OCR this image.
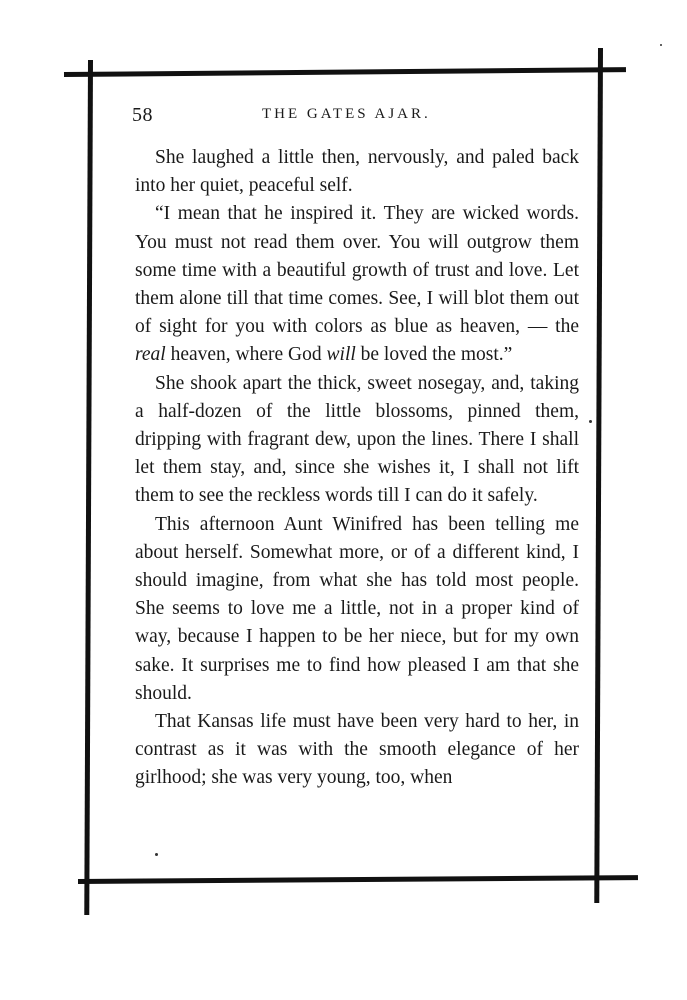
58	THE GATES AJAR.

She laughed a little then, nervously, and paled back into her quiet, peaceful self.

“I mean that he inspired it. They are wicked words. You must not read them over. You will outgrow them some time with a beautiful growth of trust and love. Let them alone till that time comes. See, I will blot them out of sight for you with colors as blue as heaven, — the real heaven, where God will be loved the most.”

She shook apart the thick, sweet nosegay, and, taking a half-dozen of the little blossoms, pinned them, dripping with fragrant dew, upon the lines. There I shall let them stay, and, since she wishes it, I shall not lift them to see the reckless words till I can do it safely.

This afternoon Aunt Winifred has been telling me about herself. Somewhat more, or of a different kind, I should imagine, from what she has told most people. She seems to love me a little, not in a proper kind of way, because I happen to be her niece, but for my own sake. It surprises me to find how pleased I am that she should.

That Kansas life must have been very hard to her, in contrast as it was with the smooth elegance of her girlhood; she was very young, too, when
